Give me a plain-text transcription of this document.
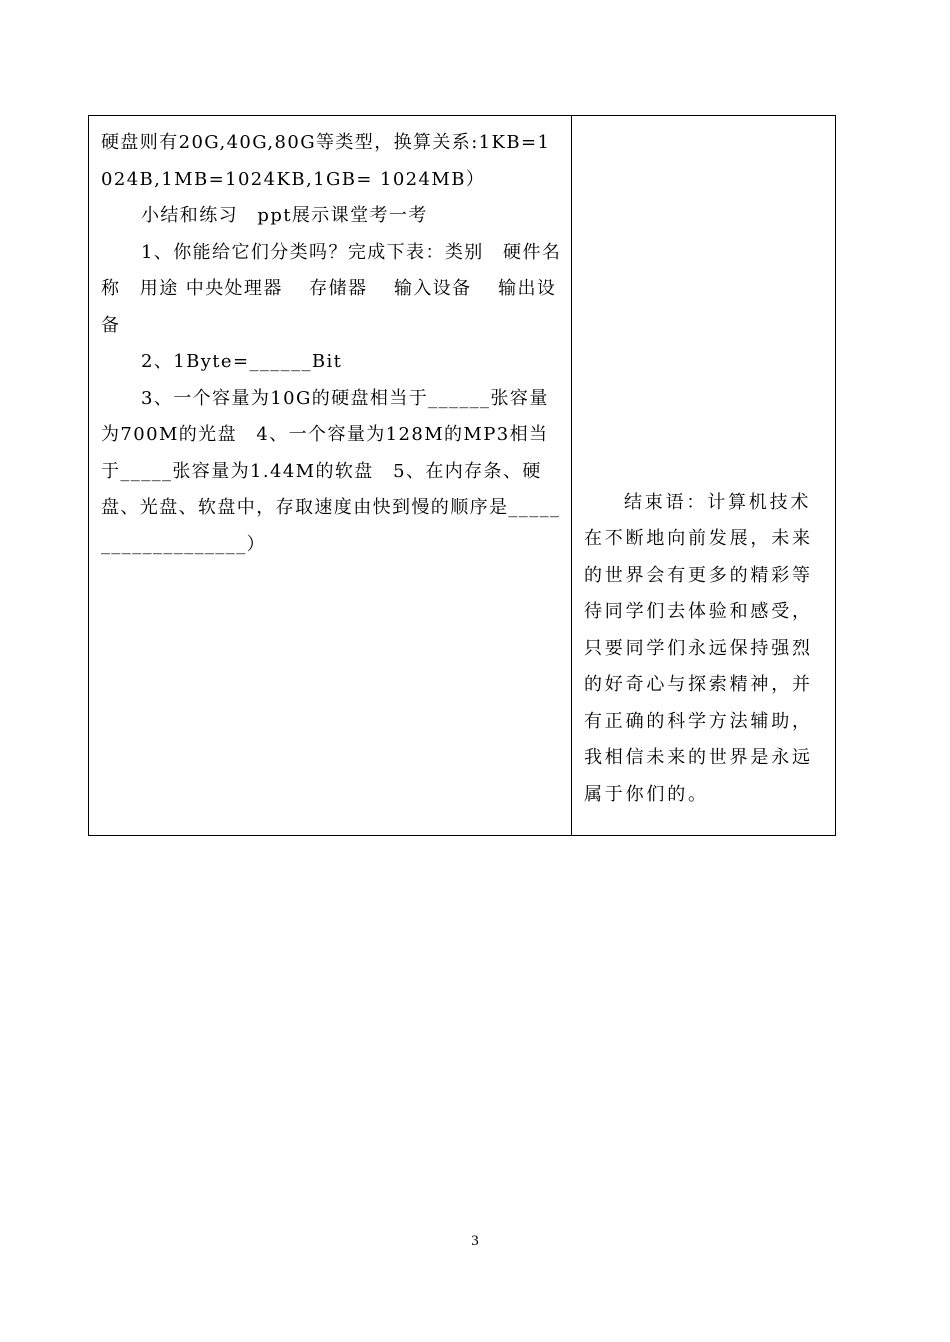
硬盘则有20G,40G,80G等类型，换算关系:1KB=1024B,1MB=1024KB,1GB= 1024MB）

小结和练习　ppt展示课堂考一考

1、你能给它们分类吗？完成下表：类别　硬件名称　用途 中央处理器　 存储器　 输入设备　 输出设备

2、1Byte=______Bit

3、一个容量为10G的硬盘相当于______张容量为700M的光盘　4、一个容量为128M的MP3相当于_____张容量为1.44M的软盘　5、在内存条、硬盘、光盘、软盘中，存取速度由快到慢的顺序是___________________）

结束语：计算机技术在不断地向前发展，未来的世界会有更多的精彩等待同学们去体验和感受，只要同学们永远保持强烈的好奇心与探索精神，并有正确的科学方法辅助，我相信未来的世界是永远属于你们的。

3
